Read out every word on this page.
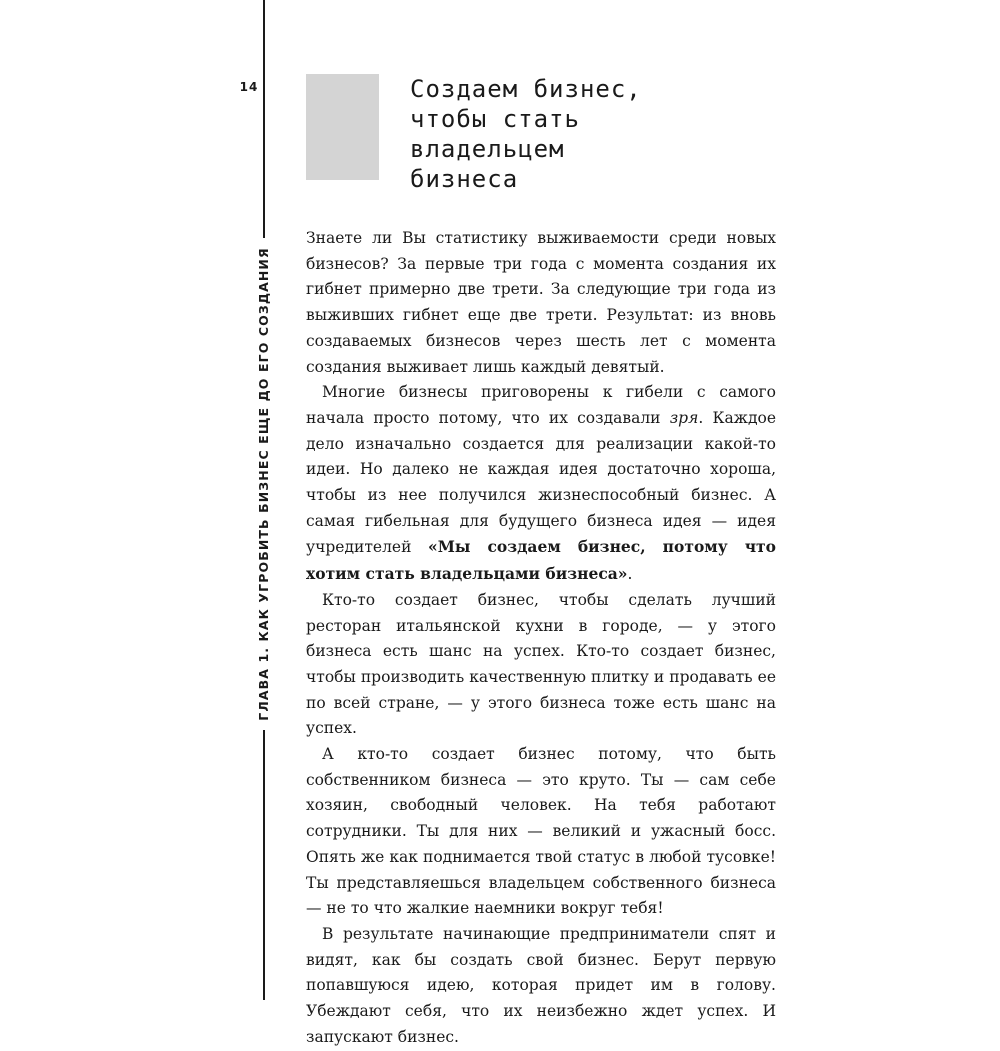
14
ГЛАВА 1. КАК УГРОБИТЬ БИЗНЕС ЕЩЕ ДО ЕГО СОЗДАНИЯ
Создаем бизнес,
чтобы стать
владельцем
бизнеса

Знаете ли Вы статистику выживаемости среди новых бизнесов? За первые три года с момента создания их гибнет примерно две трети. За следующие три года из выживших гибнет еще две трети. Результат: из вновь создаваемых бизнесов через шесть лет с момента создания выживает лишь каждый девятый.

Многие бизнесы приговорены к гибели с самого начала просто потому, что их создавали зря. Каждое дело изначально создается для реализации какой-то идеи. Но далеко не каждая идея достаточно хороша, чтобы из нее получился жизнеспособный бизнес. А самая гибельная для будущего бизнеса идея — идея учредителей «Мы создаем бизнес, потому что хотим стать владельцами бизнеса».

Кто-то создает бизнес, чтобы сделать лучший ресторан итальянской кухни в городе, — у этого бизнеса есть шанс на успех. Кто-то создает бизнес, чтобы производить качественную плитку и продавать ее по всей стране, — у этого бизнеса тоже есть шанс на успех.

А кто-то создает бизнес потому, что быть собственником бизнеса — это круто. Ты — сам себе хозяин, свободный человек. На тебя работают сотрудники. Ты для них — великий и ужасный босс. Опять же как поднимается твой статус в любой тусовке! Ты представляешься владельцем собственного бизнеса — не то что жалкие наемники вокруг тебя!

В результате начинающие предприниматели спят и видят, как бы создать свой бизнес. Берут первую попавшуюся идею, которая придет им в голову. Убеждают себя, что их неизбежно ждет успех. И запускают бизнес.
